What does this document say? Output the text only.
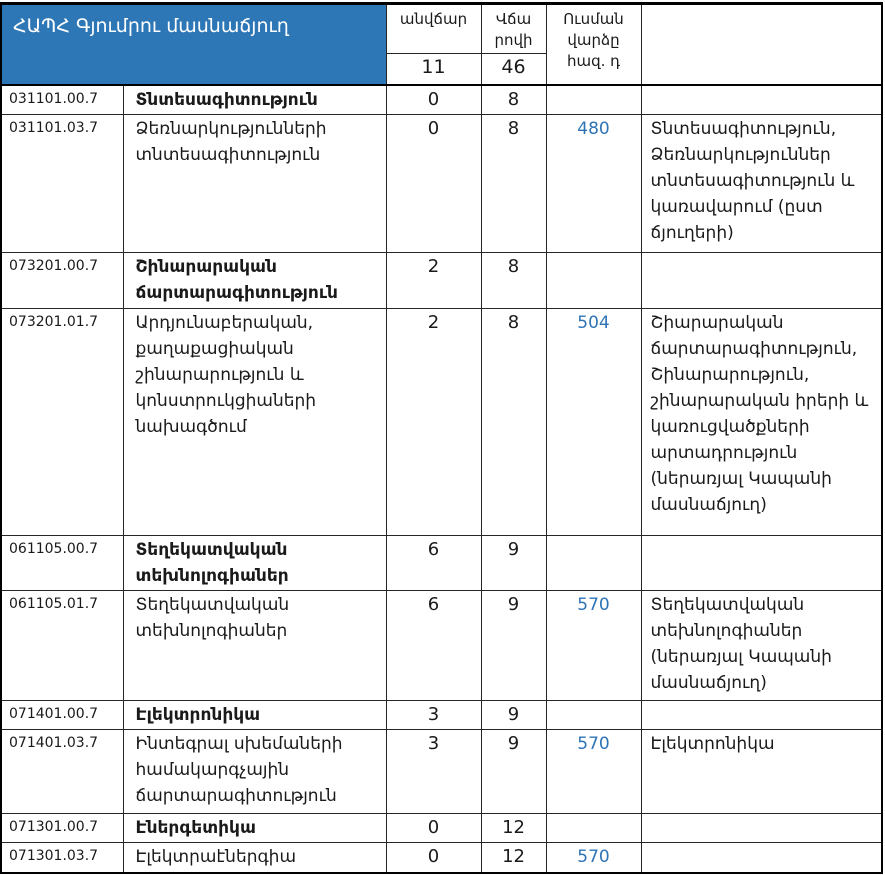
ՀԱՊՀ Գյումրու մասնաճյուղ		անվճար	Վճա րովի	Ուսման վարձը հազ. դ	
		11	46		
031101.00.7	Տնտեսագիտություն	0	8		
031101.03.7	Ձեռնարկությունների տնտեսագիտություն	0	8	480	Տնտեսագիտություն, Ձեռնարկություններ տնտեսագիտություն և կառավարում (ըստ ճյուղերի)
073201.00.7	Շինարարական ճարտարագիտություն	2	8		
073201.01.7	Արդյունաբերական, քաղաքացիական շինարարություն և կոնստրուկցիաների նախագծում	2	8	504	Շիարարական ճարտարագիտություն, Շինարարություն, շինարարական իրերի և կառուցվածքների արտադրություն (ներառյալ Կապանի մասնաճյուղ)
061105.00.7	Տեղեկատվական տեխնոլոգիաներ	6	9		
061105.01.7	Տեղեկատվական տեխնոլոգիաներ	6	9	570	Տեղեկատվական տեխնոլոգիաներ (ներառյալ Կապանի մասնաճյուղ)
071401.00.7	Էլեկտրոնիկա	3	9		
071401.03.7	Ինտեգրալ սխեմաների համակարգչային ճարտարագիտություն	3	9	570	Էլեկտրոնիկա
071301.00.7	Էներգետիկա	0	12		
071301.03.7	Էլեկտրաէներգիա	0	12	570	
